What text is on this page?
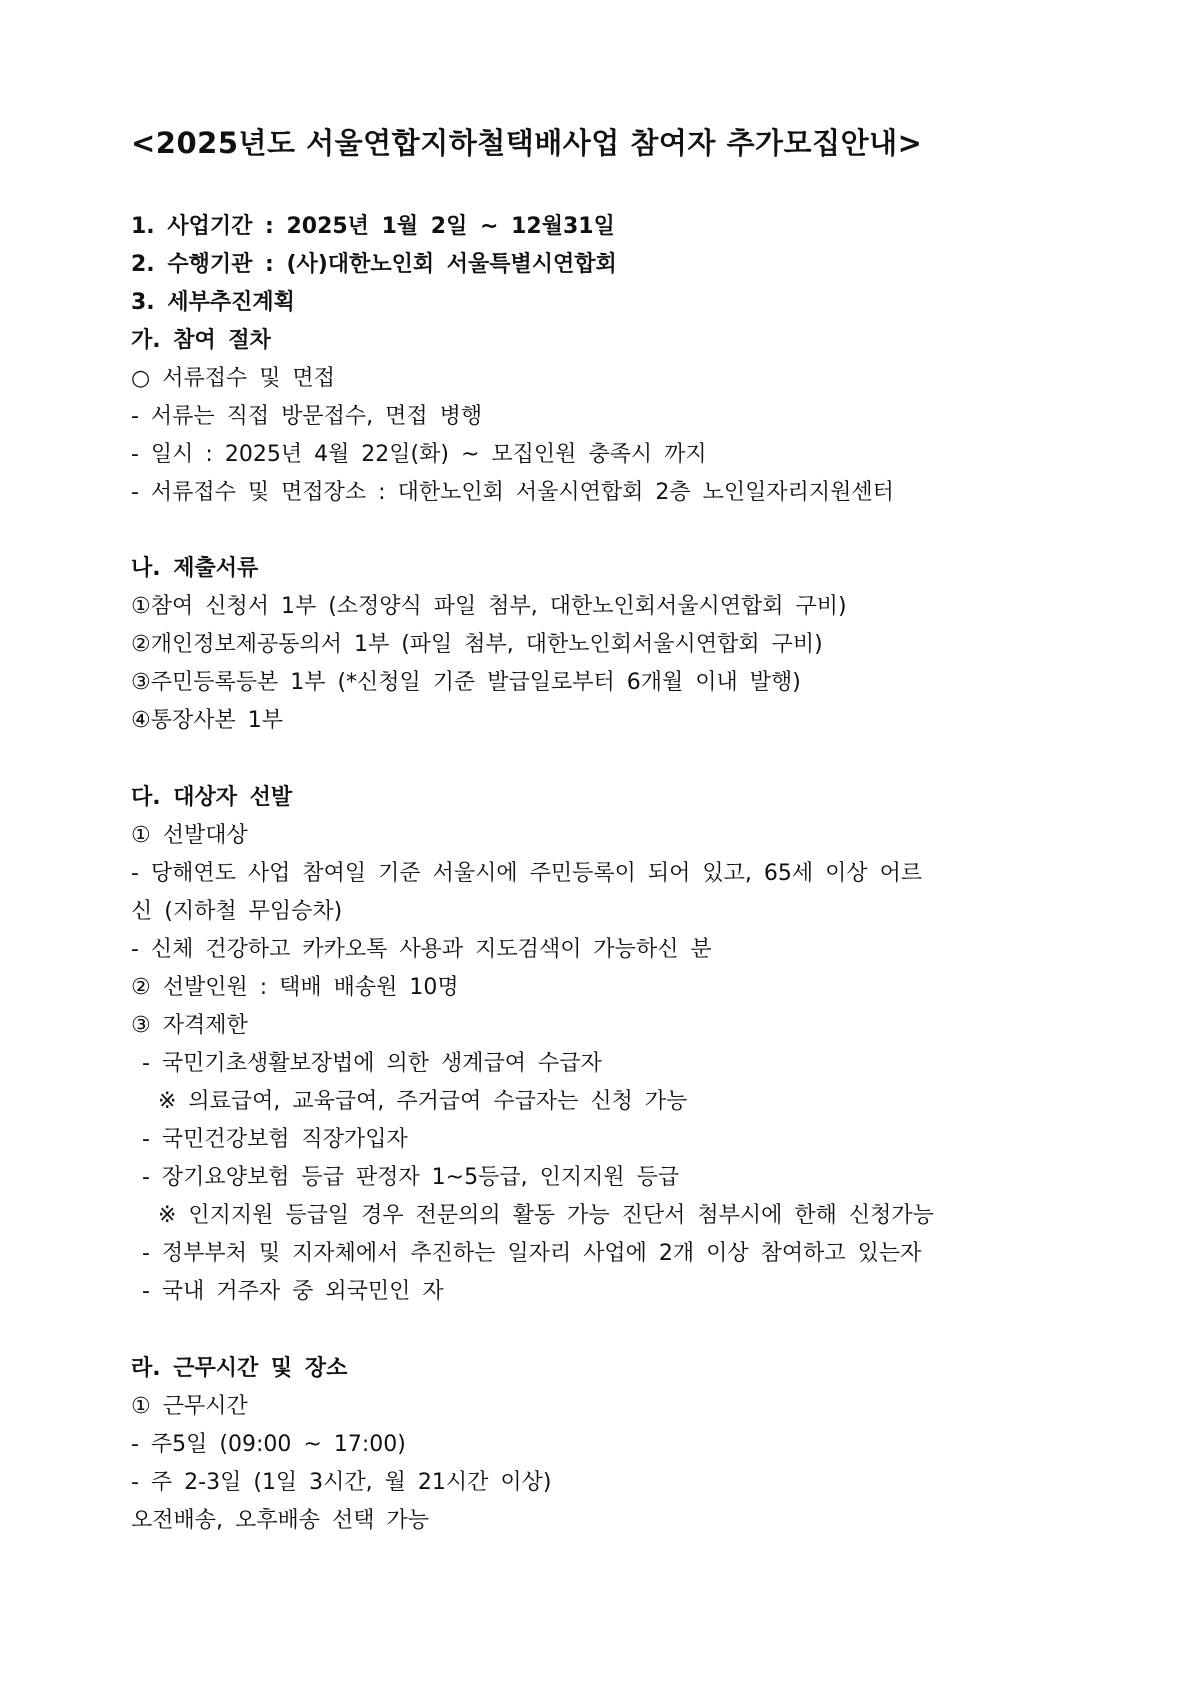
<2025년도 서울연합지하철택배사업 참여자 추가모집안내>
1. 사업기간 : 2025년 1월 2일 ~ 12월31일
2. 수행기관 : (사)대한노인회 서울특별시연합회
3. 세부추진계획
가. 참여 절차
○ 서류접수 및 면접
- 서류는 직접 방문접수, 면접 병행
- 일시 : 2025년 4월 22일(화) ~ 모집인원 충족시 까지
- 서류접수 및 면접장소 : 대한노인회 서울시연합회 2층 노인일자리지원센터
나. 제출서류
①참여 신청서 1부 (소정양식 파일 첨부, 대한노인회서울시연합회 구비)
②개인정보제공동의서 1부 (파일 첨부, 대한노인회서울시연합회 구비)
③주민등록등본 1부 (*신청일 기준 발급일로부터 6개월 이내 발행)
④통장사본 1부
다. 대상자 선발
① 선발대상
- 당해연도 사업 참여일 기준 서울시에 주민등록이 되어 있고, 65세 이상 어르
신 (지하철 무임승차)
- 신체 건강하고 카카오톡 사용과 지도검색이 가능하신 분
② 선발인원 : 택배 배송원 10명
③ 자격제한
- 국민기초생활보장법에 의한 생계급여 수급자
※ 의료급여, 교육급여, 주거급여 수급자는 신청 가능
- 국민건강보험 직장가입자
- 장기요양보험 등급 판정자 1~5등급, 인지지원 등급
※ 인지지원 등급일 경우 전문의의 활동 가능 진단서 첨부시에 한해 신청가능
- 정부부처 및 지자체에서 추진하는 일자리 사업에 2개 이상 참여하고 있는자
- 국내 거주자 중 외국민인 자
라. 근무시간 및 장소
① 근무시간
- 주5일 (09:00 ~ 17:00)
- 주 2-3일 (1일 3시간, 월 21시간 이상)
오전배송, 오후배송 선택 가능
